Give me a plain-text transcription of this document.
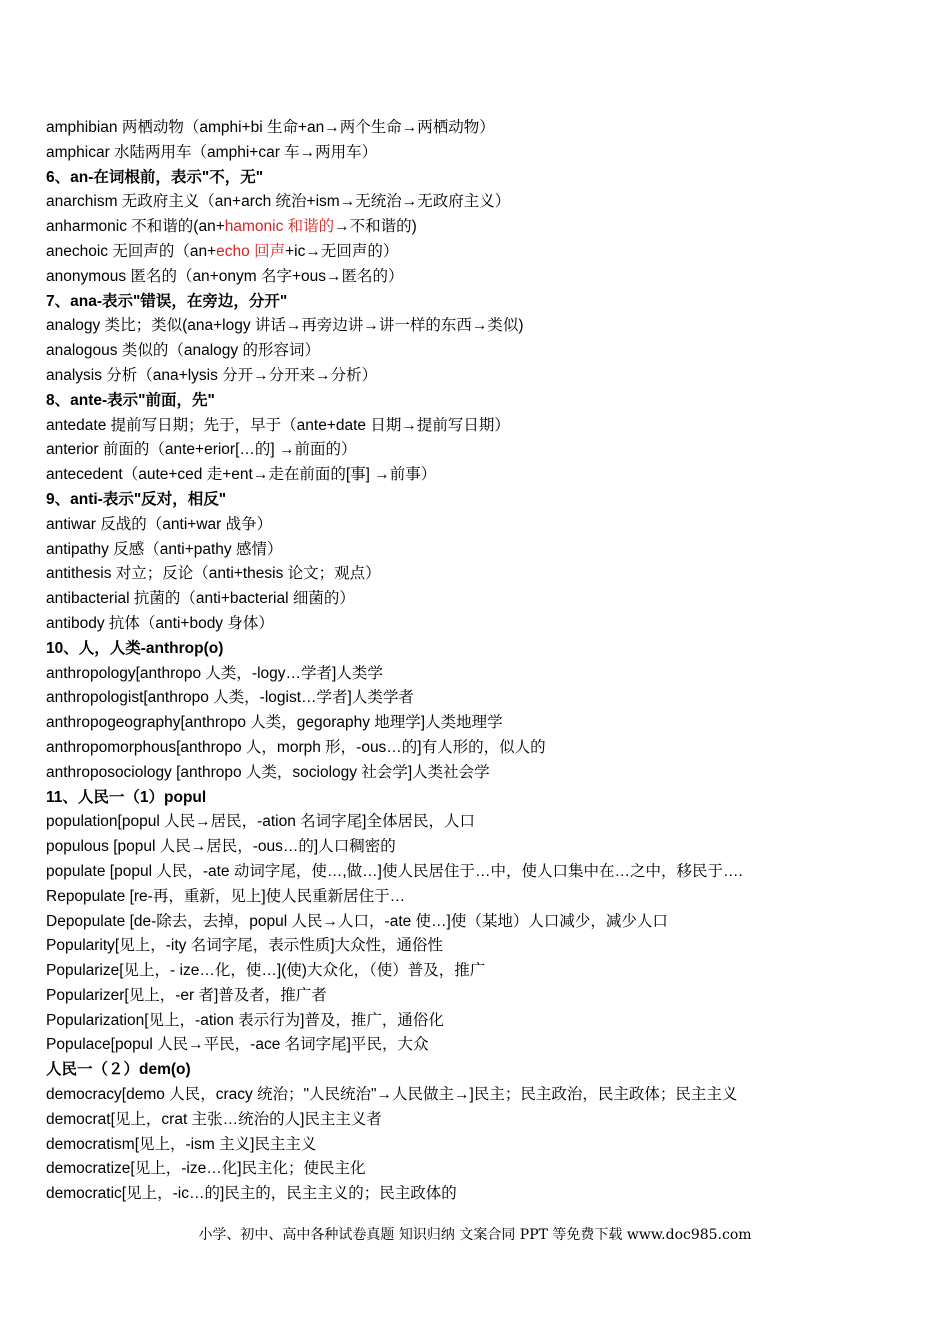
amphibian 两栖动物（amphi+bi 生命+an→两个生命→两栖动物）
amphicar 水陆两用车（amphi+car 车→两用车）
6、an-在词根前，表示"不，无"
anarchism 无政府主义（an+arch 统治+ism→无统治→无政府主义）
anharmonic 不和谐的(an+hamonic 和谐的→不和谐的)
anechoic 无回声的（an+echo 回声+ic→无回声的）
anonymous 匿名的（an+onym 名字+ous→匿名的）
7、ana-表示"错误，在旁边，分开"
analogy 类比；类似(ana+logy 讲话→再旁边讲→讲一样的东西→类似)
analogous 类似的（analogy 的形容词）
analysis 分析（ana+lysis 分开→分开来→分析）
8、ante-表示"前面，先"
antedate 提前写日期；先于，早于（ante+date 日期→提前写日期）
anterior 前面的（ante+erior[…的] →前面的）
antecedent（aute+ced 走+ent→走在前面的[事] →前事）
9、anti-表示"反对，相反"
antiwar 反战的（anti+war 战争）
antipathy 反感（anti+pathy 感情）
antithesis 对立；反论（anti+thesis 论文；观点）
antibacterial 抗菌的（anti+bacterial 细菌的）
antibody 抗体（anti+body 身体）
10、人，人类-anthrop(o)
anthropology[anthropo 人类，-logy…学者]人类学
anthropologist[anthropo 人类，-logist…学者]人类学者
anthropogeography[anthropo 人类，gegoraphy 地理学]人类地理学
anthropomorphous[anthropo 人，morph 形，-ous…的]有人形的，似人的
anthroposociology [anthropo 人类，sociology 社会学]人类社会学
11、人民一（1）popul
population[popul 人民→居民，-ation 名词字尾]全体居民，人口
populous [popul 人民→居民，-ous…的]人口稠密的
populate [popul 人民，-ate 动词字尾，使…,做…]使人民居住于…中，使人口集中在…之中，移民于….
Repopulate [re-再，重新，见上]使人民重新居住于…
Depopulate [de-除去，去掉，popul 人民→人口，-ate 使…]使（某地）人口减少，减少人口
Popularity[见上，-ity 名词字尾，表示性质]大众性，通俗性
Popularize[见上，- ize…化，使…](使)大众化，（使）普及，推广
Popularizer[见上，-er 者]普及者，推广者
Popularization[见上，-ation 表示行为]普及，推广，通俗化
Populace[popul 人民→平民，-ace 名词字尾]平民，大众
人民一（２）dem(o)
democracy[demo 人民，cracy 统治；"人民统治"→人民做主→]民主；民主政治，民主政体；民主主义
democrat[见上，crat 主张…统治的人]民主主义者
democratism[见上，-ism 主义]民主主义
democratize[见上，-ize…化]民主化；使民主化
democratic[见上，-ic…的]民主的，民主主义的；民主政体的
小学、初中、高中各种试卷真题 知识归纳 文案合同 PPT 等免费下载 www.doc985.com
